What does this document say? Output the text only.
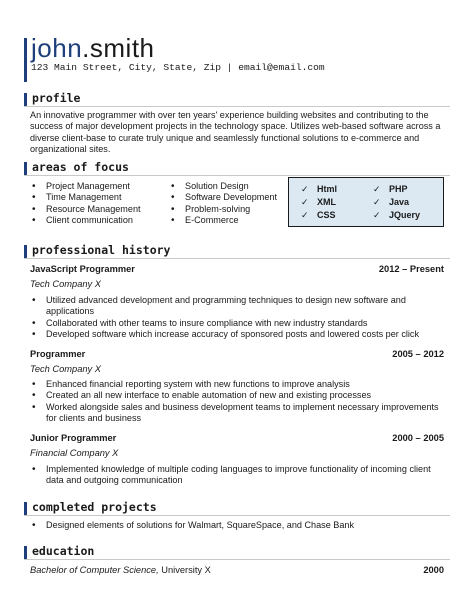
john.smith
123 Main Street, City, State, Zip | email@email.com
profile
An innovative programmer with over ten years' experience building websites and contributing to the success of major development projects in the technology space. Utilizes web-based software across a diverse client-base to curate truly unique and seamlessly functional solutions to e-commerce and organizational sites.
areas of focus
• Project Management
• Time Management
• Resource Management
• Client communication
• Solution Design
• Software Development
• Problem-solving
• E-Commerce
✓ Html
✓ XML
✓ CSS
✓ PHP
✓ Java
✓ JQuery
professional history
JavaScript Programmer	2012 – Present
Tech Company X
• Utilized advanced development and programming techniques to design new software and applications
• Collaborated with other teams to insure compliance with new industry standards
• Developed software which increase accuracy of sponsored posts and lowered costs per click
Programmer	2005 – 2012
Tech Company X
• Enhanced financial reporting system with new functions to improve analysis
• Created an all new interface to enable automation of new and existing processes
• Worked alongside sales and business development teams to implement necessary improvements for clients and business
Junior Programmer	2000 – 2005
Financial Company X
• Implemented knowledge of multiple coding languages to improve functionality of incoming client data and outgoing communication
completed projects
• Designed elements of solutions for Walmart, SquareSpace, and Chase Bank
education
Bachelor of Computer Science, University X	2000
